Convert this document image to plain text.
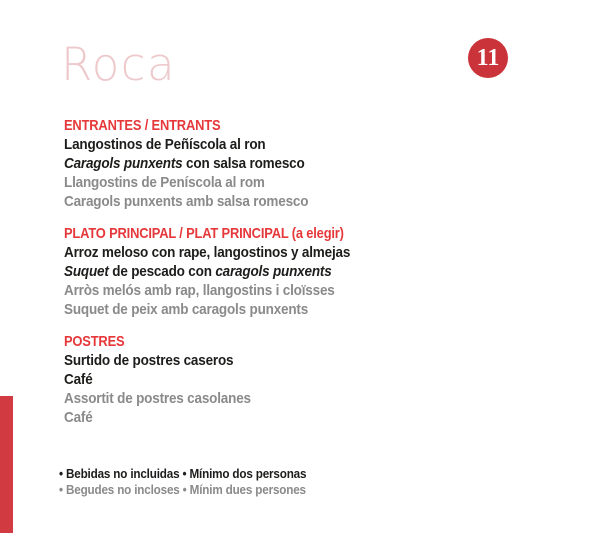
Roca	11
ENTRANTES / ENTRANTS

Langostinos de Peñíscola al ron

Caragols punxents con salsa romesco

Llangostins de Peníscola al rom

Caragols punxents amb salsa romesco

PLATO PRINCIPAL / PLAT PRINCIPAL (a elegir)

Arroz meloso con rape, langostinos y almejas

Suquet de pescado con caragols punxents

Arròs melós amb rap, llangostins i cloïsses

Suquet de peix amb caragols punxents

POSTRES

Surtido de postres caseros

Café

Assortit de postres casolanes

Café

• Bebidas no incluidas • Mínimo dos personas

• Begudes no incloses • Mínim dues persones
